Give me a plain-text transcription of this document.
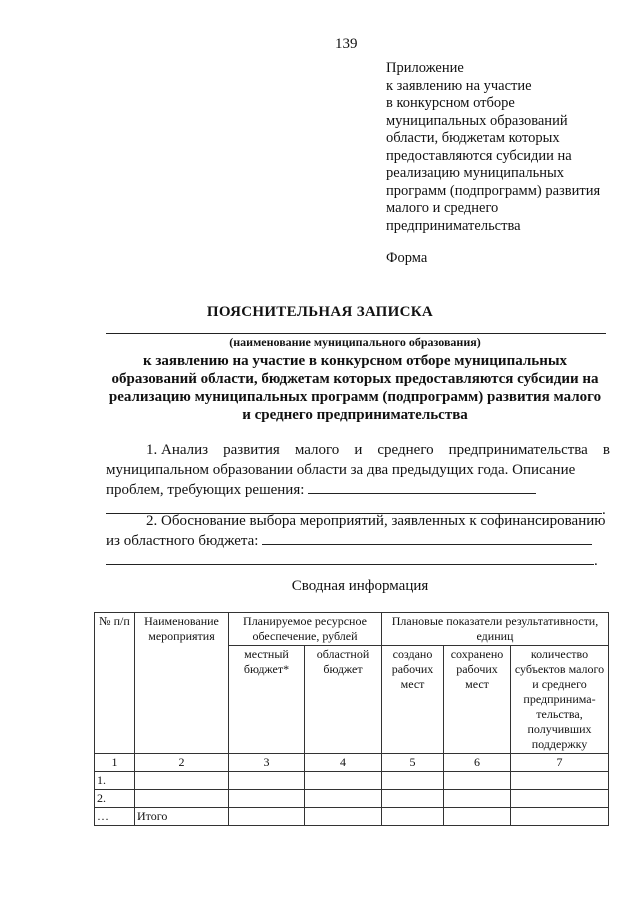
139
Приложение
к заявлению на участие
в конкурсном отборе
муниципальных образований
области, бюджетам которых
предоставляются субсидии на
реализацию муниципальных
программ (подпрограмм) развития
малого и среднего
предпринимательства
Форма
ПОЯСНИТЕЛЬНАЯ ЗАПИСКА
(наименование муниципального образования)
к заявлению на участие в конкурсном отборе муниципальных
образований области, бюджетам которых предоставляются субсидии на
реализацию муниципальных программ (подпрограмм) развития малого
и среднего предпринимательства
1. Анализ развития малого и среднего предпринимательства в
муниципальном образовании области за два предыдущих года. Описание
проблем, требующих решения:
.
2. Обоснование выбора мероприятий, заявленных к софинансированию
из областного бюджета:
.
Сводная информация
№ п/п	Наименование мероприятия	Планируемое ресурсное обеспечение, рублей		Плановые показатели результативности, единиц		
		местный бюджет*	областной бюджет	создано рабочих мест	сохранено рабочих мест	количество субъектов малого и среднего предпринима-тельства, получивших поддержку
1	2	3	4	5	6	7
1.						
2.						
…	Итого					
